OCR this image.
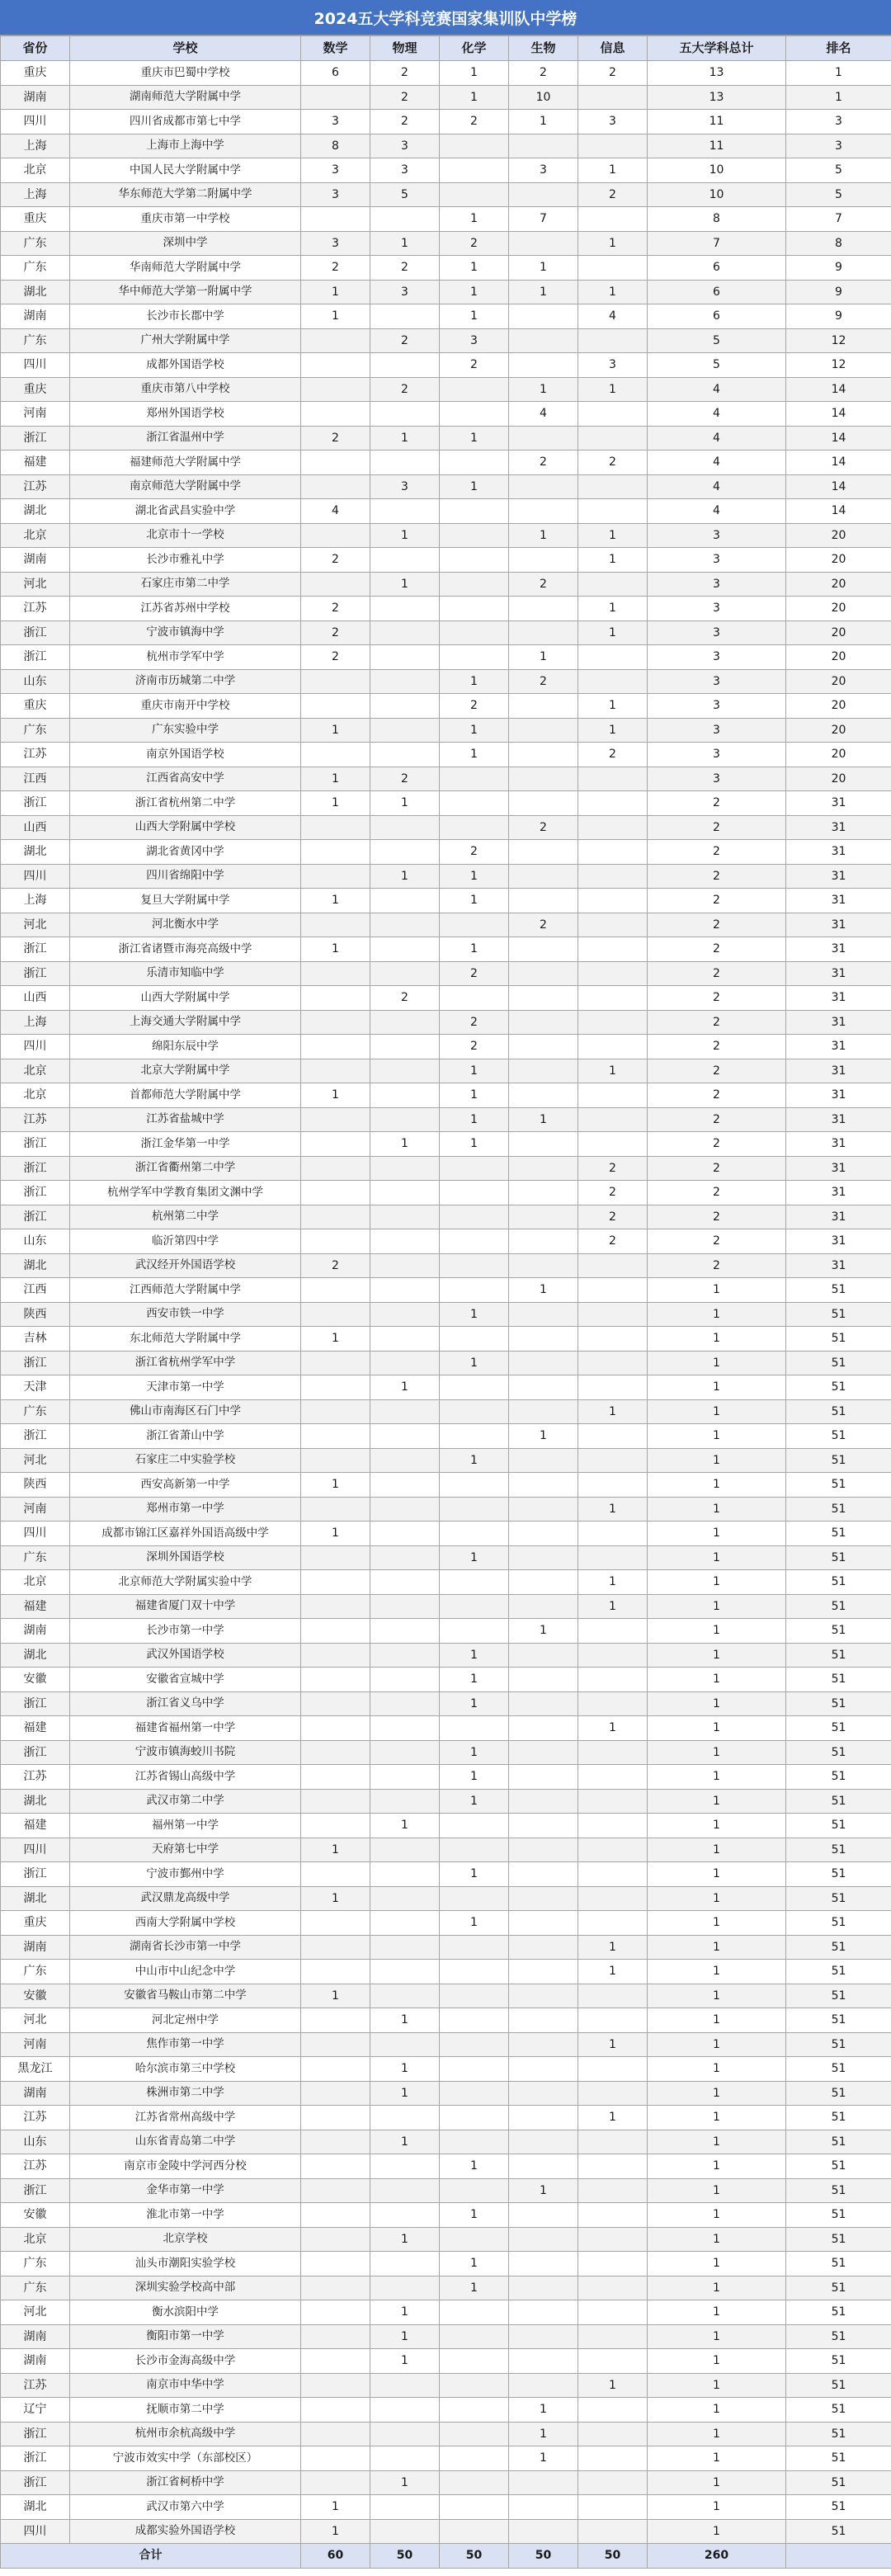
2024五大学科竞赛国家集训队中学榜
省份	学校	数学	物理	化学	生物	信息	五大学科总计	排名
重庆	重庆市巴蜀中学校	6	2	1	2	2	13	1
湖南	湖南师范大学附属中学		2	1	10		13	1
四川	四川省成都市第七中学	3	2	2	1	3	11	3
上海	上海市上海中学	8	3				11	3
北京	中国人民大学附属中学	3	3		3	1	10	5
上海	华东师范大学第二附属中学	3	5			2	10	5
重庆	重庆市第一中学校			1	7		8	7
广东	深圳中学	3	1	2		1	7	8
广东	华南师范大学附属中学	2	2	1	1		6	9
湖北	华中师范大学第一附属中学	1	3	1	1	1	6	9
湖南	长沙市长郡中学	1		1		4	6	9
广东	广州大学附属中学		2	3			5	12
四川	成都外国语学校			2		3	5	12
重庆	重庆市第八中学校		2		1	1	4	14
河南	郑州外国语学校				4		4	14
浙江	浙江省温州中学	2	1	1			4	14
福建	福建师范大学附属中学				2	2	4	14
江苏	南京师范大学附属中学		3	1			4	14
湖北	湖北省武昌实验中学	4					4	14
北京	北京市十一学校		1		1	1	3	20
湖南	长沙市雅礼中学	2				1	3	20
河北	石家庄市第二中学		1		2		3	20
江苏	江苏省苏州中学校	2				1	3	20
浙江	宁波市镇海中学	2				1	3	20
浙江	杭州市学军中学	2			1		3	20
山东	济南市历城第二中学			1	2		3	20
重庆	重庆市南开中学校			2		1	3	20
广东	广东实验中学	1		1		1	3	20
江苏	南京外国语学校			1		2	3	20
江西	江西省高安中学	1	2				3	20
浙江	浙江省杭州第二中学	1	1				2	31
山西	山西大学附属中学校				2		2	31
湖北	湖北省黄冈中学			2			2	31
四川	四川省绵阳中学		1	1			2	31
上海	复旦大学附属中学	1		1			2	31
河北	河北衡水中学				2		2	31
浙江	浙江省诸暨市海亮高级中学	1		1			2	31
浙江	乐清市知临中学			2			2	31
山西	山西大学附属中学		2				2	31
上海	上海交通大学附属中学			2			2	31
四川	绵阳东辰中学			2			2	31
北京	北京大学附属中学			1		1	2	31
北京	首都师范大学附属中学	1		1			2	31
江苏	江苏省盐城中学			1	1		2	31
浙江	浙江金华第一中学		1	1			2	31
浙江	浙江省衢州第二中学					2	2	31
浙江	杭州学军中学教育集团文渊中学					2	2	31
浙江	杭州第二中学					2	2	31
山东	临沂第四中学					2	2	31
湖北	武汉经开外国语学校	2					2	31
江西	江西师范大学附属中学				1		1	51
陕西	西安市铁一中学			1			1	51
吉林	东北师范大学附属中学	1					1	51
浙江	浙江省杭州学军中学			1			1	51
天津	天津市第一中学		1				1	51
广东	佛山市南海区石门中学					1	1	51
浙江	浙江省萧山中学				1		1	51
河北	石家庄二中实验学校			1			1	51
陕西	西安高新第一中学	1					1	51
河南	郑州市第一中学					1	1	51
四川	成都市锦江区嘉祥外国语高级中学	1					1	51
广东	深圳外国语学校			1			1	51
北京	北京师范大学附属实验中学					1	1	51
福建	福建省厦门双十中学					1	1	51
湖南	长沙市第一中学				1		1	51
湖北	武汉外国语学校			1			1	51
安徽	安徽省宣城中学			1			1	51
浙江	浙江省义乌中学			1			1	51
福建	福建省福州第一中学					1	1	51
浙江	宁波市镇海蛟川书院			1			1	51
江苏	江苏省锡山高级中学			1			1	51
湖北	武汉市第二中学			1			1	51
福建	福州第一中学		1				1	51
四川	天府第七中学	1					1	51
浙江	宁波市鄞州中学			1			1	51
湖北	武汉鼎龙高级中学	1					1	51
重庆	西南大学附属中学校			1			1	51
湖南	湖南省长沙市第一中学					1	1	51
广东	中山市中山纪念中学					1	1	51
安徽	安徽省马鞍山市第二中学	1					1	51
河北	河北定州中学		1				1	51
河南	焦作市第一中学					1	1	51
黑龙江	哈尔滨市第三中学校		1				1	51
湖南	株洲市第二中学		1				1	51
江苏	江苏省常州高级中学					1	1	51
山东	山东省青岛第二中学		1				1	51
江苏	南京市金陵中学河西分校			1			1	51
浙江	金华市第一中学				1		1	51
安徽	淮北市第一中学			1			1	51
北京	北京学校		1				1	51
广东	汕头市潮阳实验学校			1			1	51
广东	深圳实验学校高中部			1			1	51
河北	衡水滨阳中学		1				1	51
湖南	衡阳市第一中学		1				1	51
湖南	长沙市金海高级中学		1				1	51
江苏	南京市中华中学					1	1	51
辽宁	抚顺市第二中学				1		1	51
浙江	杭州市余杭高级中学				1		1	51
浙江	宁波市效实中学（东部校区）				1		1	51
浙江	浙江省柯桥中学		1				1	51
湖北	武汉市第六中学	1					1	51
四川	成都实验外国语学校	1					1	51
合计		60	50	50	50	50	260	
